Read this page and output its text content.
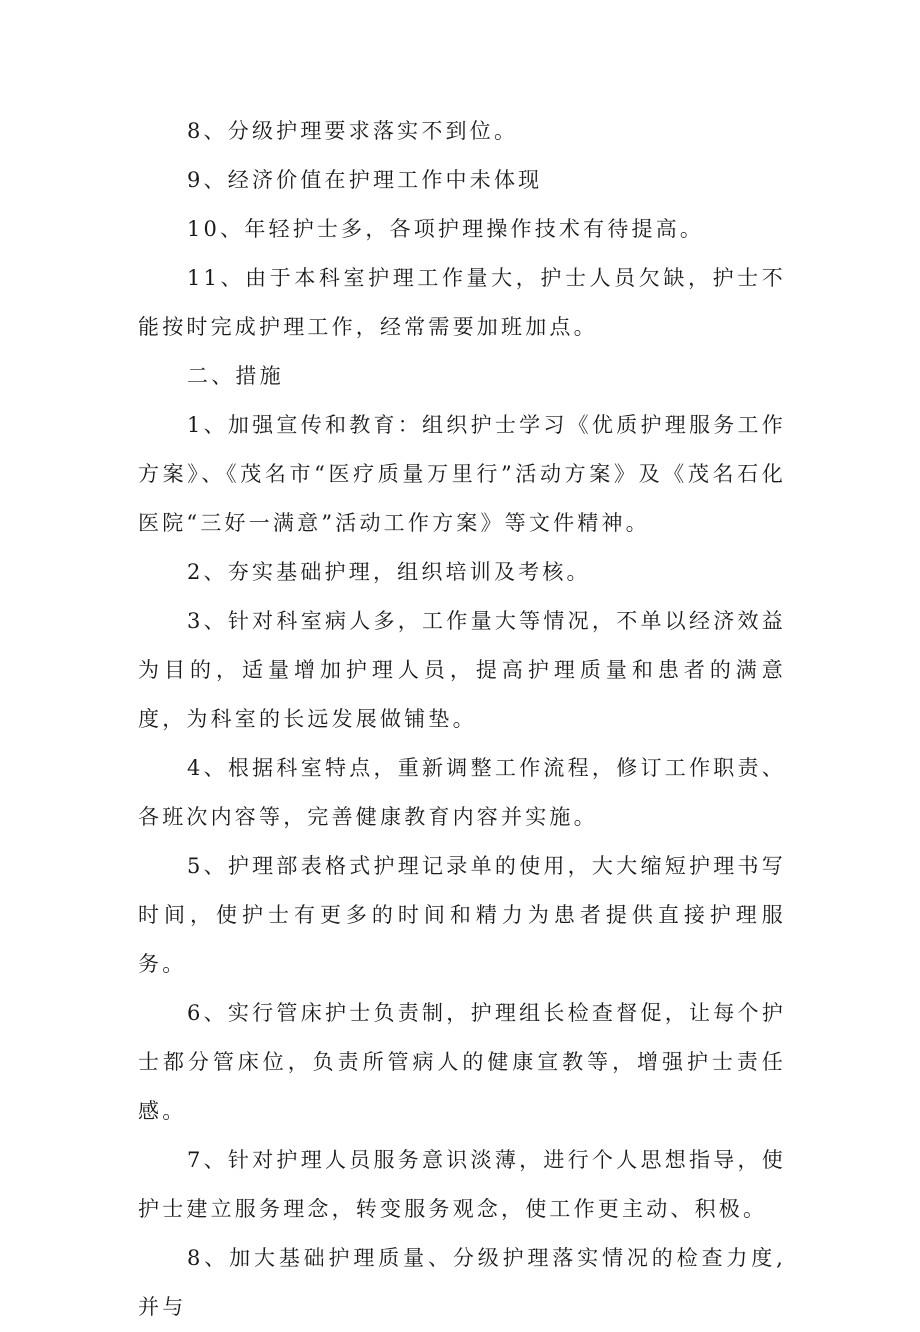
8、分级护理要求落实不到位。

9、经济价值在护理工作中未体现

10、年轻护士多，各项护理操作技术有待提高。

11、由于本科室护理工作量大，护士人员欠缺，护士不能按时完成护理工作，经常需要加班加点。

二、措施

1、加强宣传和教育：组织护士学习《优质护理服务工作方案》、《茂名市“医疗质量万里行”活动方案》及《茂名石化医院“三好一满意”活动工作方案》等文件精神。

2、夯实基础护理，组织培训及考核。

3、针对科室病人多，工作量大等情况，不单以经济效益为目的，适量增加护理人员，提高护理质量和患者的满意度，为科室的长远发展做铺垫。

4、根据科室特点，重新调整工作流程，修订工作职责、各班次内容等，完善健康教育内容并实施。

5、护理部表格式护理记录单的使用，大大缩短护理书写时间，使护士有更多的时间和精力为患者提供直接护理服务。

6、实行管床护士负责制，护理组长检查督促，让每个护士都分管床位，负责所管病人的健康宣教等，增强护士责任感。

7、针对护理人员服务意识淡薄，进行个人思想指导，使护士建立服务理念，转变服务观念，使工作更主动、积极。

8、加大基础护理质量、分级护理落实情况的检查力度,并与
